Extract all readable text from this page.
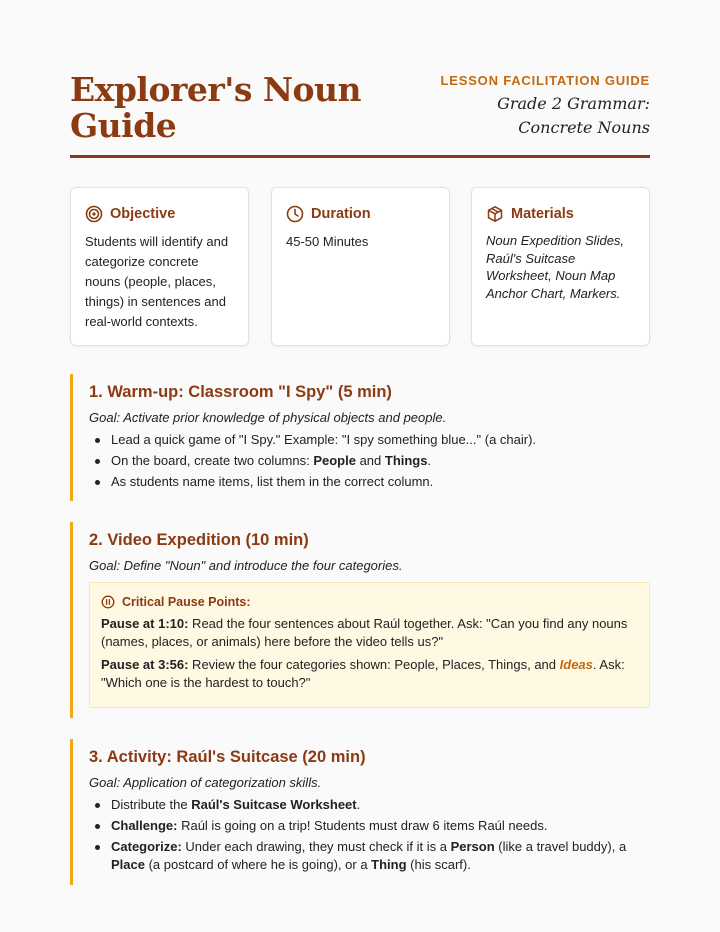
Explorer's Noun Guide
LESSON FACILITATION GUIDE
Grade 2 Grammar: Concrete Nouns
Objective
Students will identify and categorize concrete nouns (people, places, things) in sentences and real-world contexts.
Duration
45-50 Minutes
Materials
Noun Expedition Slides, Raúl's Suitcase Worksheet, Noun Map Anchor Chart, Markers.
1. Warm-up: Classroom "I Spy" (5 min)
Goal: Activate prior knowledge of physical objects and people.
Lead a quick game of "I Spy." Example: "I spy something blue..." (a chair).
On the board, create two columns: People and Things.
As students name items, list them in the correct column.
2. Video Expedition (10 min)
Goal: Define "Noun" and introduce the four categories.
Critical Pause Points:

Pause at 1:10: Read the four sentences about Raúl together. Ask: "Can you find any nouns (names, places, or animals) here before the video tells us?"

Pause at 3:56: Review the four categories shown: People, Places, Things, and Ideas. Ask: "Which one is the hardest to touch?"

3. Activity: Raúl's Suitcase (20 min)
Goal: Application of categorization skills.
Distribute the Raúl's Suitcase Worksheet.
Challenge: Raúl is going on a trip! Students must draw 6 items Raúl needs.
Categorize: Under each drawing, they must check if it is a Person (like a travel buddy), a Place (a postcard of where he is going), or a Thing (his scarf).
